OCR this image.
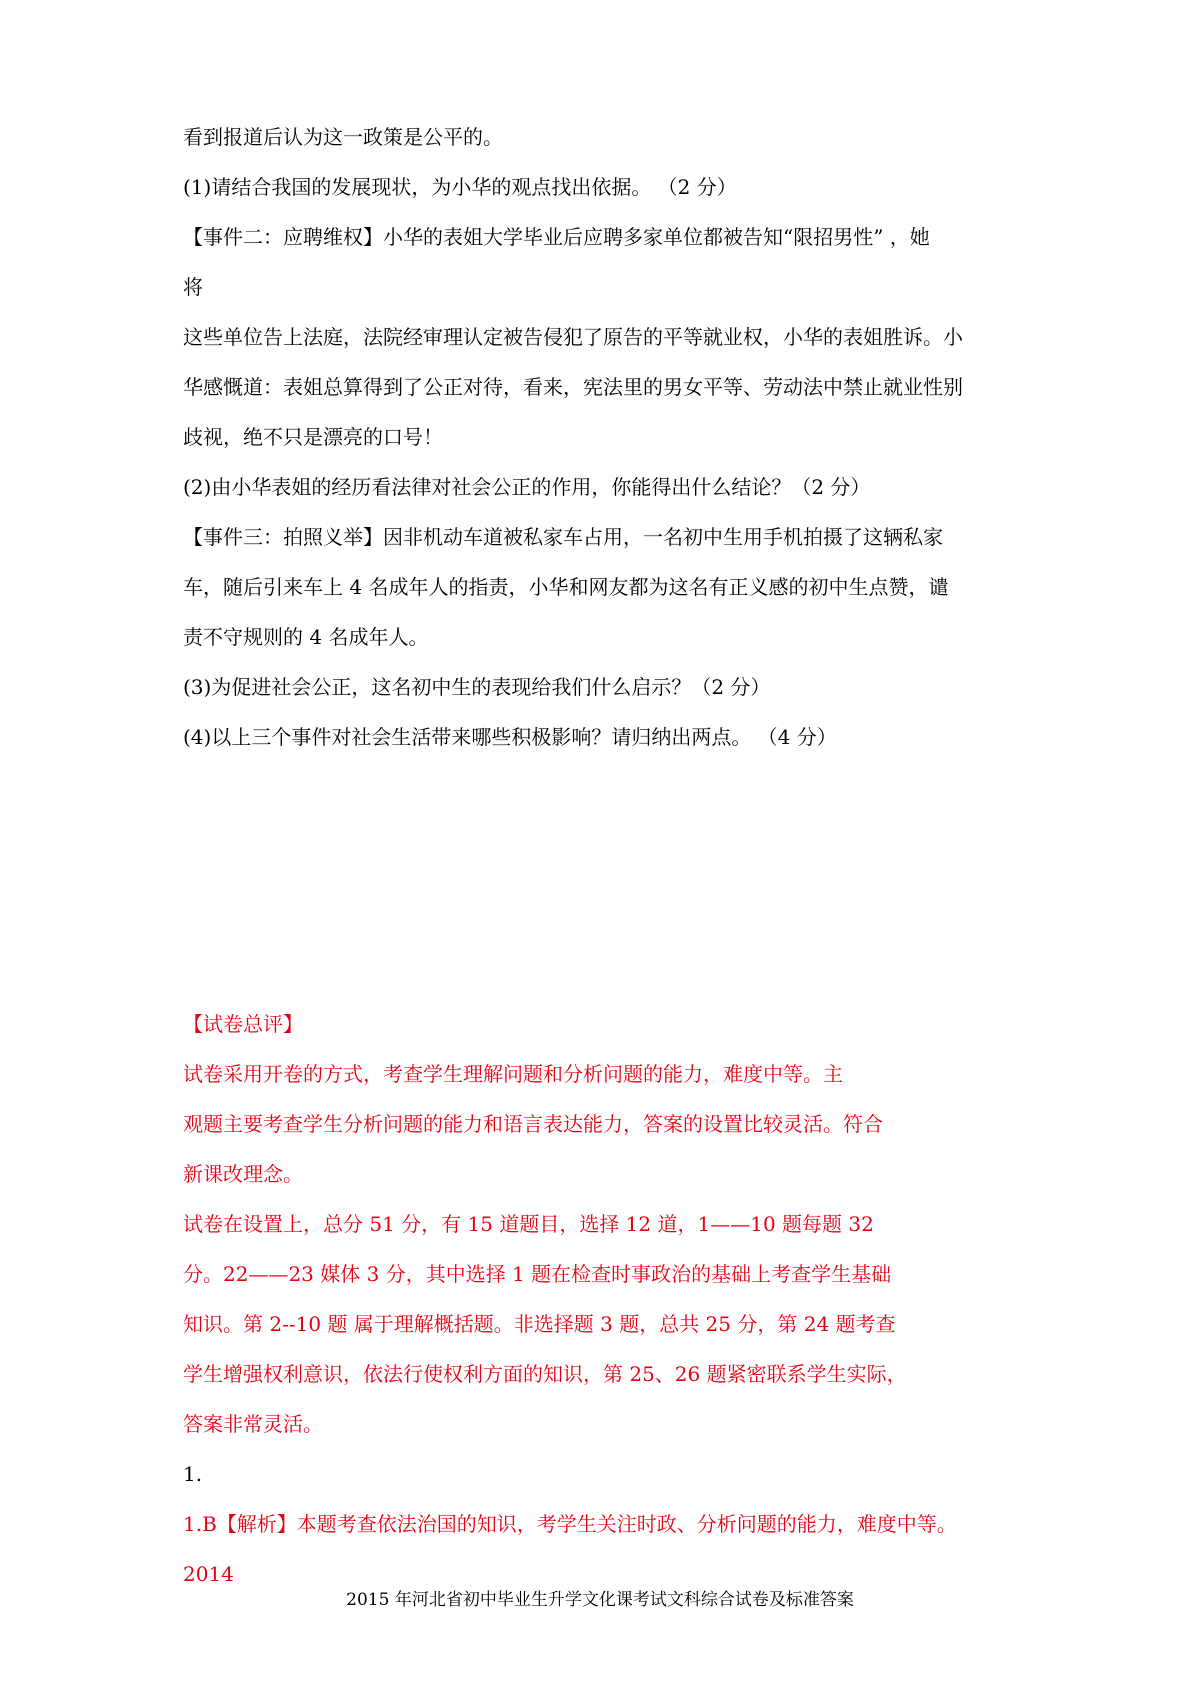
看到报道后认为这一政策是公平的。
(1)请结合我国的发展现状，为小华的观点找出依据。 （2 分）
【事件二：应聘维权】小华的表姐大学毕业后应聘多家单位都被告知“限招男性” ，她
将
这些单位告上法庭，法院经审理认定被告侵犯了原告的平等就业权，小华的表姐胜诉。小
华感慨道：表姐总算得到了公正对待，看来，宪法里的男女平等、劳动法中禁止就业性别
歧视，绝不只是漂亮的口号！
(2)由小华表姐的经历看法律对社会公正的作用，你能得出什么结论？（2 分）
【事件三：拍照义举】因非机动车道被私家车占用，一名初中生用手机拍摄了这辆私家
车，随后引来车上 4 名成年人的指责，小华和网友都为这名有正义感的初中生点赞，谴
责不守规则的 4 名成年人。
(3)为促进社会公正，这名初中生的表现给我们什么启示？（2 分）
(4)以上三个事件对社会生活带来哪些积极影响？请归纳出两点。 （4 分）
【试卷总评】
试卷采用开卷的方式，考查学生理解问题和分析问题的能力，难度中等。主
观题主要考查学生分析问题的能力和语言表达能力，答案的设置比较灵活。符合
新课改理念。
试卷在设置上，总分 51 分，有 15 道题目，选择 12 道，1——10 题每题 32
分。22——23 媒体 3 分，其中选择 1 题在检查时事政治的基础上考查学生基础
知识。第 2--10 题 属于理解概括题。非选择题 3 题，总共 25 分，第 24 题考查
学生增强权利意识，依法行使权利方面的知识，第 25、26 题紧密联系学生实际，
答案非常灵活。
1.
1.B【解析】本题考查依法治国的知识，考学生关注时政、分析问题的能力，难度中等。
2014
2015 年河北省初中毕业生升学文化课考试文科综合试卷及标准答案
